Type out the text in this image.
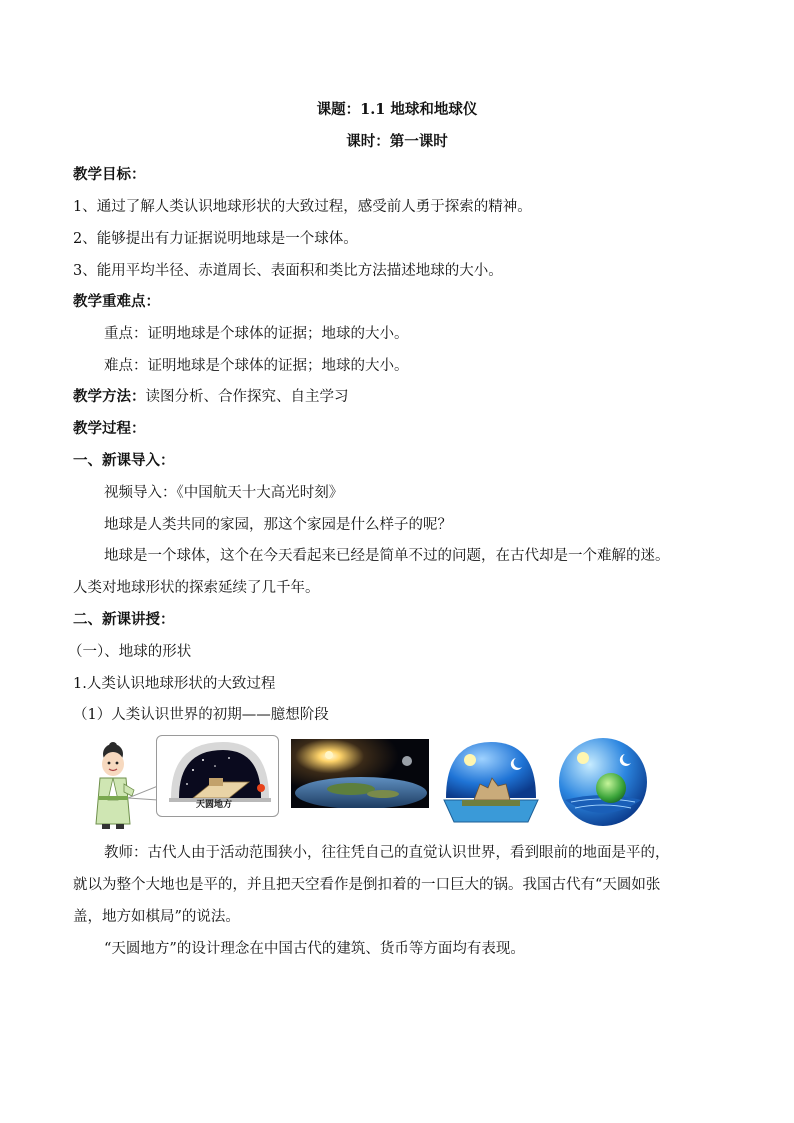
课题：1.1 地球和地球仪
课时：第一课时
教学目标：
1、通过了解人类认识地球形状的大致过程，感受前人勇于探索的精神。
2、能够提出有力证据说明地球是一个球体。
3、能用平均半径、赤道周长、表面积和类比方法描述地球的大小。
教学重难点：
重点：证明地球是个球体的证据；地球的大小。
难点：证明地球是个球体的证据；地球的大小。
教学方法：读图分析、合作探究、自主学习
教学过程：
一、新课导入：
视频导入：《中国航天十大高光时刻》
地球是人类共同的家园，那这个家园是什么样子的呢？
地球是一个球体，这个在今天看起来已经是简单不过的问题，在古代却是一个难解的迷。
人类对地球形状的探索延续了几千年。
二、新课讲授：
（一）、地球的形状
1.人类认识地球形状的大致过程
（1）人类认识世界的初期——臆想阶段
天圆地方
教师：古代人由于活动范围狭小，往往凭自己的直觉认识世界，看到眼前的地面是平的，
就以为整个大地也是平的，并且把天空看作是倒扣着的一口巨大的锅。我国古代有“天圆如张
盖，地方如棋局”的说法。
“天圆地方”的设计理念在中国古代的建筑、货币等方面均有表现。
